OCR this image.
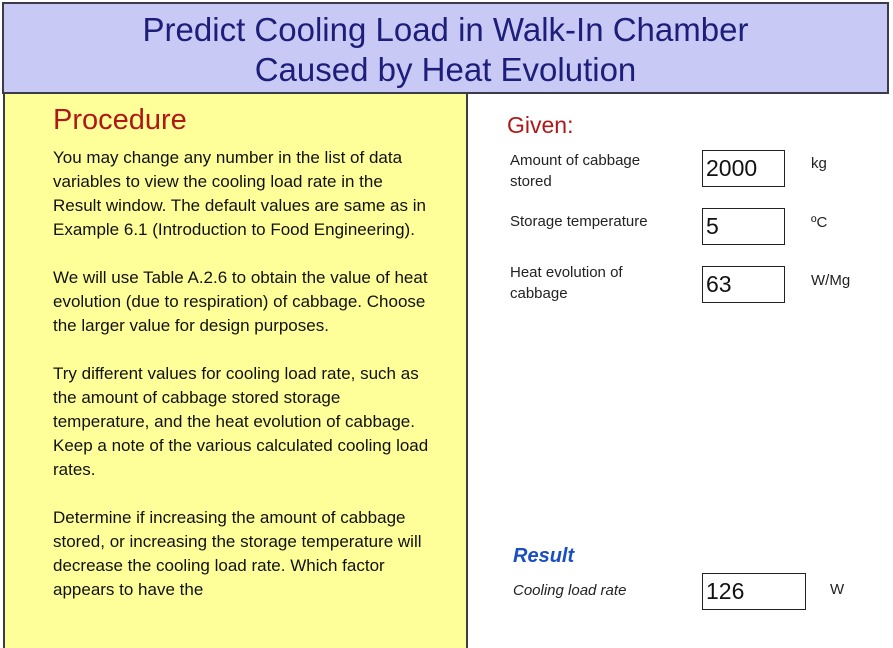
Predict Cooling Load in Walk-In Chamber
Caused by Heat Evolution
Procedure

You may change any number in the list of data variables to view the cooling load rate in the Result window. The default values are same as in Example 6.1 (Introduction to Food Engineering).

We will use Table A.2.6 to obtain the value of heat evolution (due to respiration) of cabbage. Choose the larger value for design purposes.

Try different values for cooling load rate, such as the amount of cabbage stored storage temperature, and the heat evolution of cabbage. Keep a note of the various calculated cooling load rates.

Determine if increasing the amount of cabbage stored, or increasing the storage temperature will decrease the cooling load rate. Which factor appears to have the

Given:
Amount of cabbage stored
2000
kg
Storage temperature
5	ºC
Heat evolution of cabbage
63
W/Mg
Result
Cooling load rate
126	W
